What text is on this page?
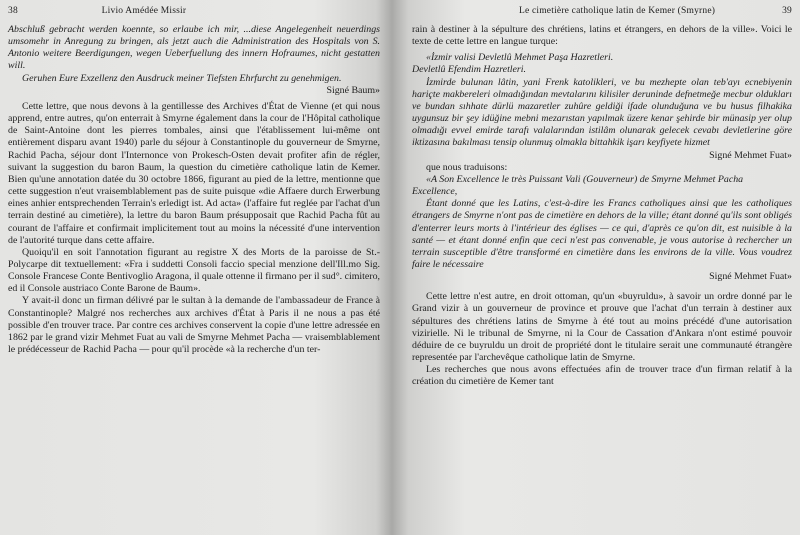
38	Livio Amédée Missir

Abschluß gebracht werden koennte, so erlaube ich mir, ...diese Angelegenheit neuerdings umsomehr in Anregung zu bringen, als jetzt auch die Administration des Hospitals von S. Antonio weitere Beerdigungen, wegen Ueberfuellung des innern Hofraumes, nicht gestatten will.

Geruhen Eure Exzellenz den Ausdruck meiner Tiefsten Ehrfurcht zu genehmigen.

Signé Baum»

Cette lettre, que nous devons à la gentillesse des Archives d'État de Vienne (et qui nous apprend, entre autres, qu'on enterrait à Smyrne également dans la cour de l'Hôpital catholique de Saint-Antoine dont les pierres tombales, ainsi que l'établissement lui-même ont entièrement disparu avant 1940) parle du séjour à Constantinople du gouverneur de Smyrne, Rachid Pacha, séjour dont l'Internonce von Prokesch-Osten devait profiter afin de régler, suivant la suggestion du baron Baum, la question du cimetière catholique latin de Kemer. Bien qu'une annotation datée du 30 octobre 1866, figurant au pied de la lettre, mentionne que cette suggestion n'eut vraisemblablement pas de suite puisque «die Affaere durch Erwerbung eines anhier entsprechenden Terrain's erledigt ist. Ad acta» (l'affaire fut reglée par l'achat d'un terrain destiné au cimetière), la lettre du baron Baum présupposait que Rachid Pacha fût au courant de l'affaire et confirmait implicitement tout au moins la nécessité d'une intervention de l'autorité turque dans cette affaire.

Quoiqu'il en soit l'annotation figurant au registre X des Morts de la paroisse de St.-Polycarpe dit textuellement: «Fra i suddetti Consoli faccio special menzione dell'Ill.mo Sig. Console Francese Conte Bentivoglio Aragona, il quale ottenne il firmano per il sud°. cimitero, ed il Console austriaco Conte Barone de Baum».

Y avait-il donc un firman délivré par le sultan à la demande de l'ambassadeur de France à Constantinople? Malgré nos recherches aux archives d'État à Paris il ne nous a pas été possible d'en trouver trace. Par contre ces archives conservent la copie d'une lettre adressée en 1862 par le grand vizir Mehmet Fuat au vali de Smyrne Mehmet Pacha — vraisemblablement le prédécesseur de Rachid Pacha — pour qu'il procède «à la recherche d'un ter-

Le cimetière catholique latin de Kemer (Smyrne)	39

rain à destiner à la sépulture des chrétiens, latins et étrangers, en dehors de la ville». Voici le texte de cette lettre en langue turque:

«İzmir valisi Devletlû Mehmet Paşa Hazretleri.

Devletlû Efendim Hazretleri.

İzmirde bulunan lâtin, yani Frenk katolikleri, ve bu mezhepte olan teb'ayı ecnebiyenin hariçte makbereleri olmadığından mevtalarını kilisiler deruninde defnetmeğe mecbur oldukları ve bundan sıhhate dürlü mazaretler zuhûre geldiği ifade olunduğuna ve bu husus filhakika uygunsuz bir şey idüğine mebni mezarıstan yapılmak üzere kenar şehirde bir münasip yer olup olmadığı evvel emirde tarafı valalarından istilâm olunarak gelecek cevabı devletlerine göre iktizasına bakılması tensip olunmuş olmakla bittahkik işarı keyfiyete hizmet

Signé Mehmet Fuat»

que nous traduisons:

«A Son Excellence le très Puissant Vali (Gouverneur) de Smyrne Mehmet Pacha

Excellence,

Étant donné que les Latins, c'est-à-dire les Francs catholiques ainsi que les catholiques étrangers de Smyrne n'ont pas de cimetière en dehors de la ville; étant donné qu'ils sont obligés d'enterrer leurs morts à l'intérieur des églises — ce qui, d'après ce qu'on dit, est nuisible à la santé — et étant donné enfin que ceci n'est pas convenable, je vous autorise à rechercher un terrain susceptible d'être transformé en cimetière dans les environs de la ville. Vous voudrez faire le nécessaire

Signé Mehmet Fuat»

Cette lettre n'est autre, en droit ottoman, qu'un «buyruldu», à savoir un ordre donné par le Grand vizir à un gouverneur de province et prouve que l'achat d'un terrain à destiner aux sépultures des chrétiens latins de Smyrne à été tout au moins précédé d'une autorisation vizirielle. Ni le tribunal de Smyrne, ni la Cour de Cassation d'Ankara n'ont estimé pouvoir déduire de ce buyruldu un droit de propriété dont le titulaire serait une communauté étrangère representée par l'archevêque catholique latin de Smyrne.

Les recherches que nous avons effectuées afin de trouver trace d'un firman relatif à la création du cimetière de Kemer tant
